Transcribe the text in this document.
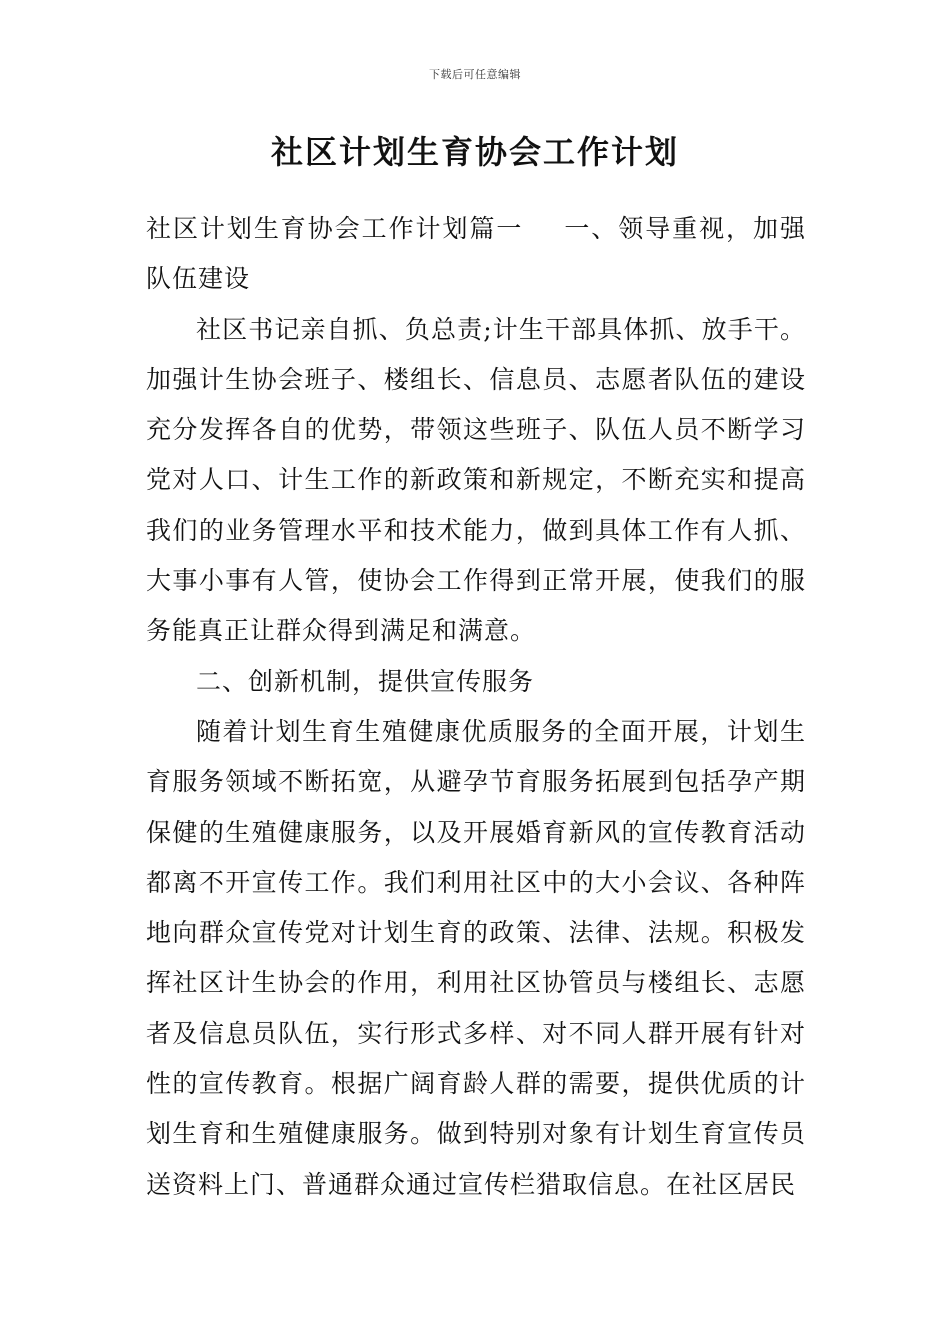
下载后可任意编辑
社区计划生育协会工作计划

社区计划生育协会工作计划篇一 一、领导重视，加强队伍建设

社区书记亲自抓、负总责;计生干部具体抓、放手干。加强计生协会班子、楼组长、信息员、志愿者队伍的建设充分发挥各自的优势，带领这些班子、队伍人员不断学习党对人口、计生工作的新政策和新规定，不断充实和提高我们的业务管理水平和技术能力，做到具体工作有人抓、大事小事有人管，使协会工作得到正常开展，使我们的服务能真正让群众得到满足和满意。

二、创新机制，提供宣传服务

随着计划生育生殖健康优质服务的全面开展，计划生育服务领域不断拓宽，从避孕节育服务拓展到包括孕产期保健的生殖健康服务，以及开展婚育新风的宣传教育活动都离不开宣传工作。我们利用社区中的大小会议、各种阵地向群众宣传党对计划生育的政策、法律、法规。积极发挥社区计生协会的作用，利用社区协管员与楼组长、志愿者及信息员队伍，实行形式多样、对不同人群开展有针对性的宣传教育。根据广阔育龄人群的需要，提供优质的计划生育和生殖健康服务。做到特别对象有计划生育宣传员送资料上门、普通群众通过宣传栏猎取信息。在社区居民
